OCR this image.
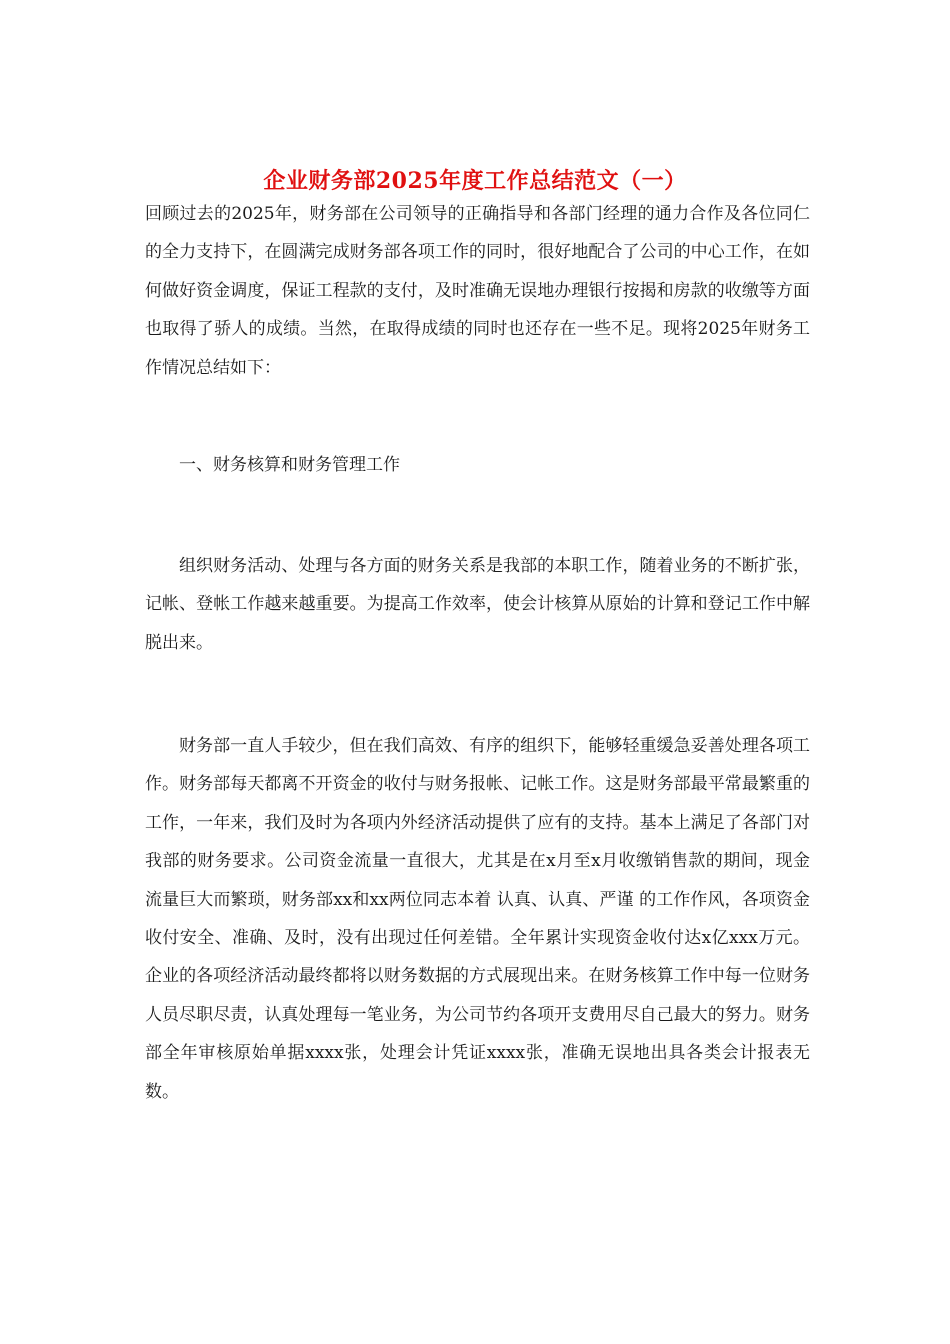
企业财务部2025年度工作总结范文（一）

回顾过去的2025年，财务部在公司领导的正确指导和各部门经理的通力合作及各位同仁的全力支持下，在圆满完成财务部各项工作的同时，很好地配合了公司的中心工作，在如何做好资金调度，保证工程款的支付，及时准确无误地办理银行按揭和房款的收缴等方面也取得了骄人的成绩。当然，在取得成绩的同时也还存在一些不足。现将2025年财务工作情况总结如下：

一、财务核算和财务管理工作

组织财务活动、处理与各方面的财务关系是我部的本职工作，随着业务的不断扩张，记帐、登帐工作越来越重要。为提高工作效率，使会计核算从原始的计算和登记工作中解脱出来。

财务部一直人手较少，但在我们高效、有序的组织下，能够轻重缓急妥善处理各项工作。财务部每天都离不开资金的收付与财务报帐、记帐工作。这是财务部最平常最繁重的工作，一年来，我们及时为各项内外经济活动提供了应有的支持。基本上满足了各部门对我部的财务要求。公司资金流量一直很大，尤其是在x月至x月收缴销售款的期间，现金流量巨大而繁琐，财务部xx和xx两位同志本着 认真、认真、严谨 的工作作风，各项资金收付安全、准确、及时，没有出现过任何差错。全年累计实现资金收付达x亿xxx万元。企业的各项经济活动最终都将以财务数据的方式展现出来。在财务核算工作中每一位财务人员尽职尽责，认真处理每一笔业务，为公司节约各项开支费用尽自己最大的努力。财务部全年审核原始单据xxxx张，处理会计凭证xxxx张，准确无误地出具各类会计报表无数。
